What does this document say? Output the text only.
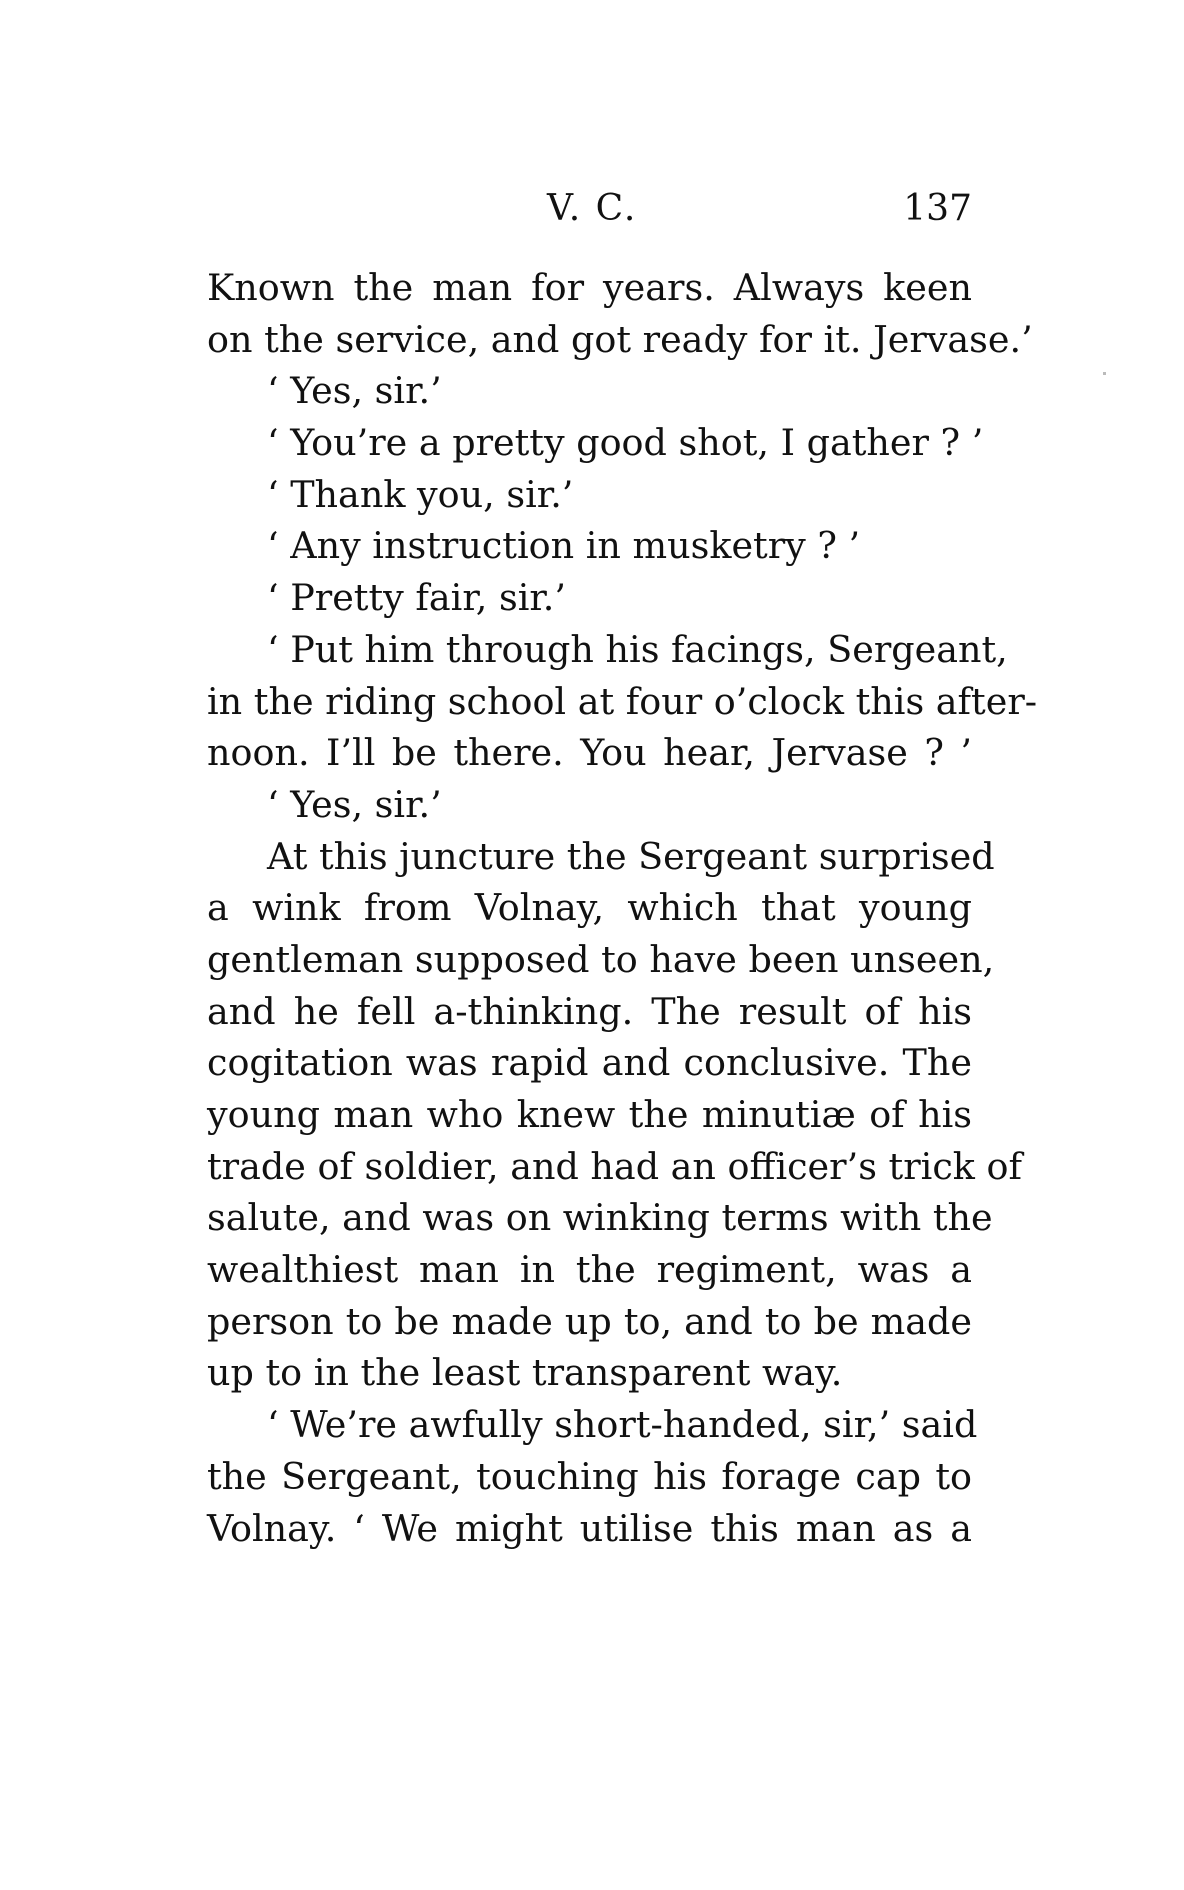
V. C.	137
Known the man for years. Always keen
on the service, and got ready for it. Jervase.’
‘ Yes, sir.’
‘ You’re a pretty good shot, I gather ? ’
‘ Thank you, sir.’
‘ Any instruction in musketry ? ’
‘ Pretty fair, sir.’
‘ Put him through his facings, Sergeant,
in the riding school at four o’clock this after-
noon. I’ll be there. You hear, Jervase ? ’
‘ Yes, sir.’
At this juncture the Sergeant surprised
a wink from Volnay, which that young
gentleman supposed to have been unseen,
and he fell a-thinking. The result of his
cogitation was rapid and conclusive. The
young man who knew the minutiæ of his
trade of soldier, and had an officer’s trick of
salute, and was on winking terms with the
wealthiest man in the regiment, was a
person to be made up to, and to be made
up to in the least transparent way.
‘ We’re awfully short-handed, sir,’ said
the Sergeant, touching his forage cap to
Volnay. ‘ We might utilise this man as a
